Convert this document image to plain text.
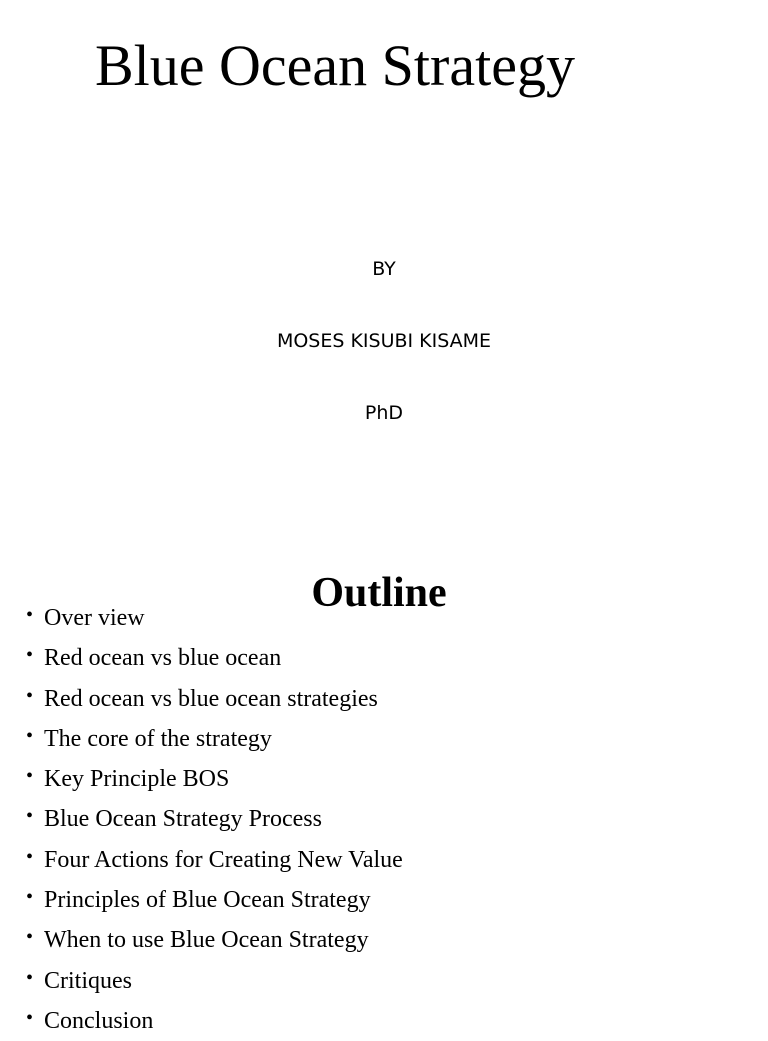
Blue Ocean Strategy
BY
MOSES KISUBI KISAME
PhD
Outline
• Over view
• Red ocean vs blue ocean
• Red ocean vs blue ocean strategies
• The core of the strategy
• Key Principle BOS
• Blue Ocean Strategy Process
• Four Actions for Creating New Value
• Principles of Blue Ocean Strategy
• When to use Blue Ocean Strategy
• Critiques
• Conclusion
